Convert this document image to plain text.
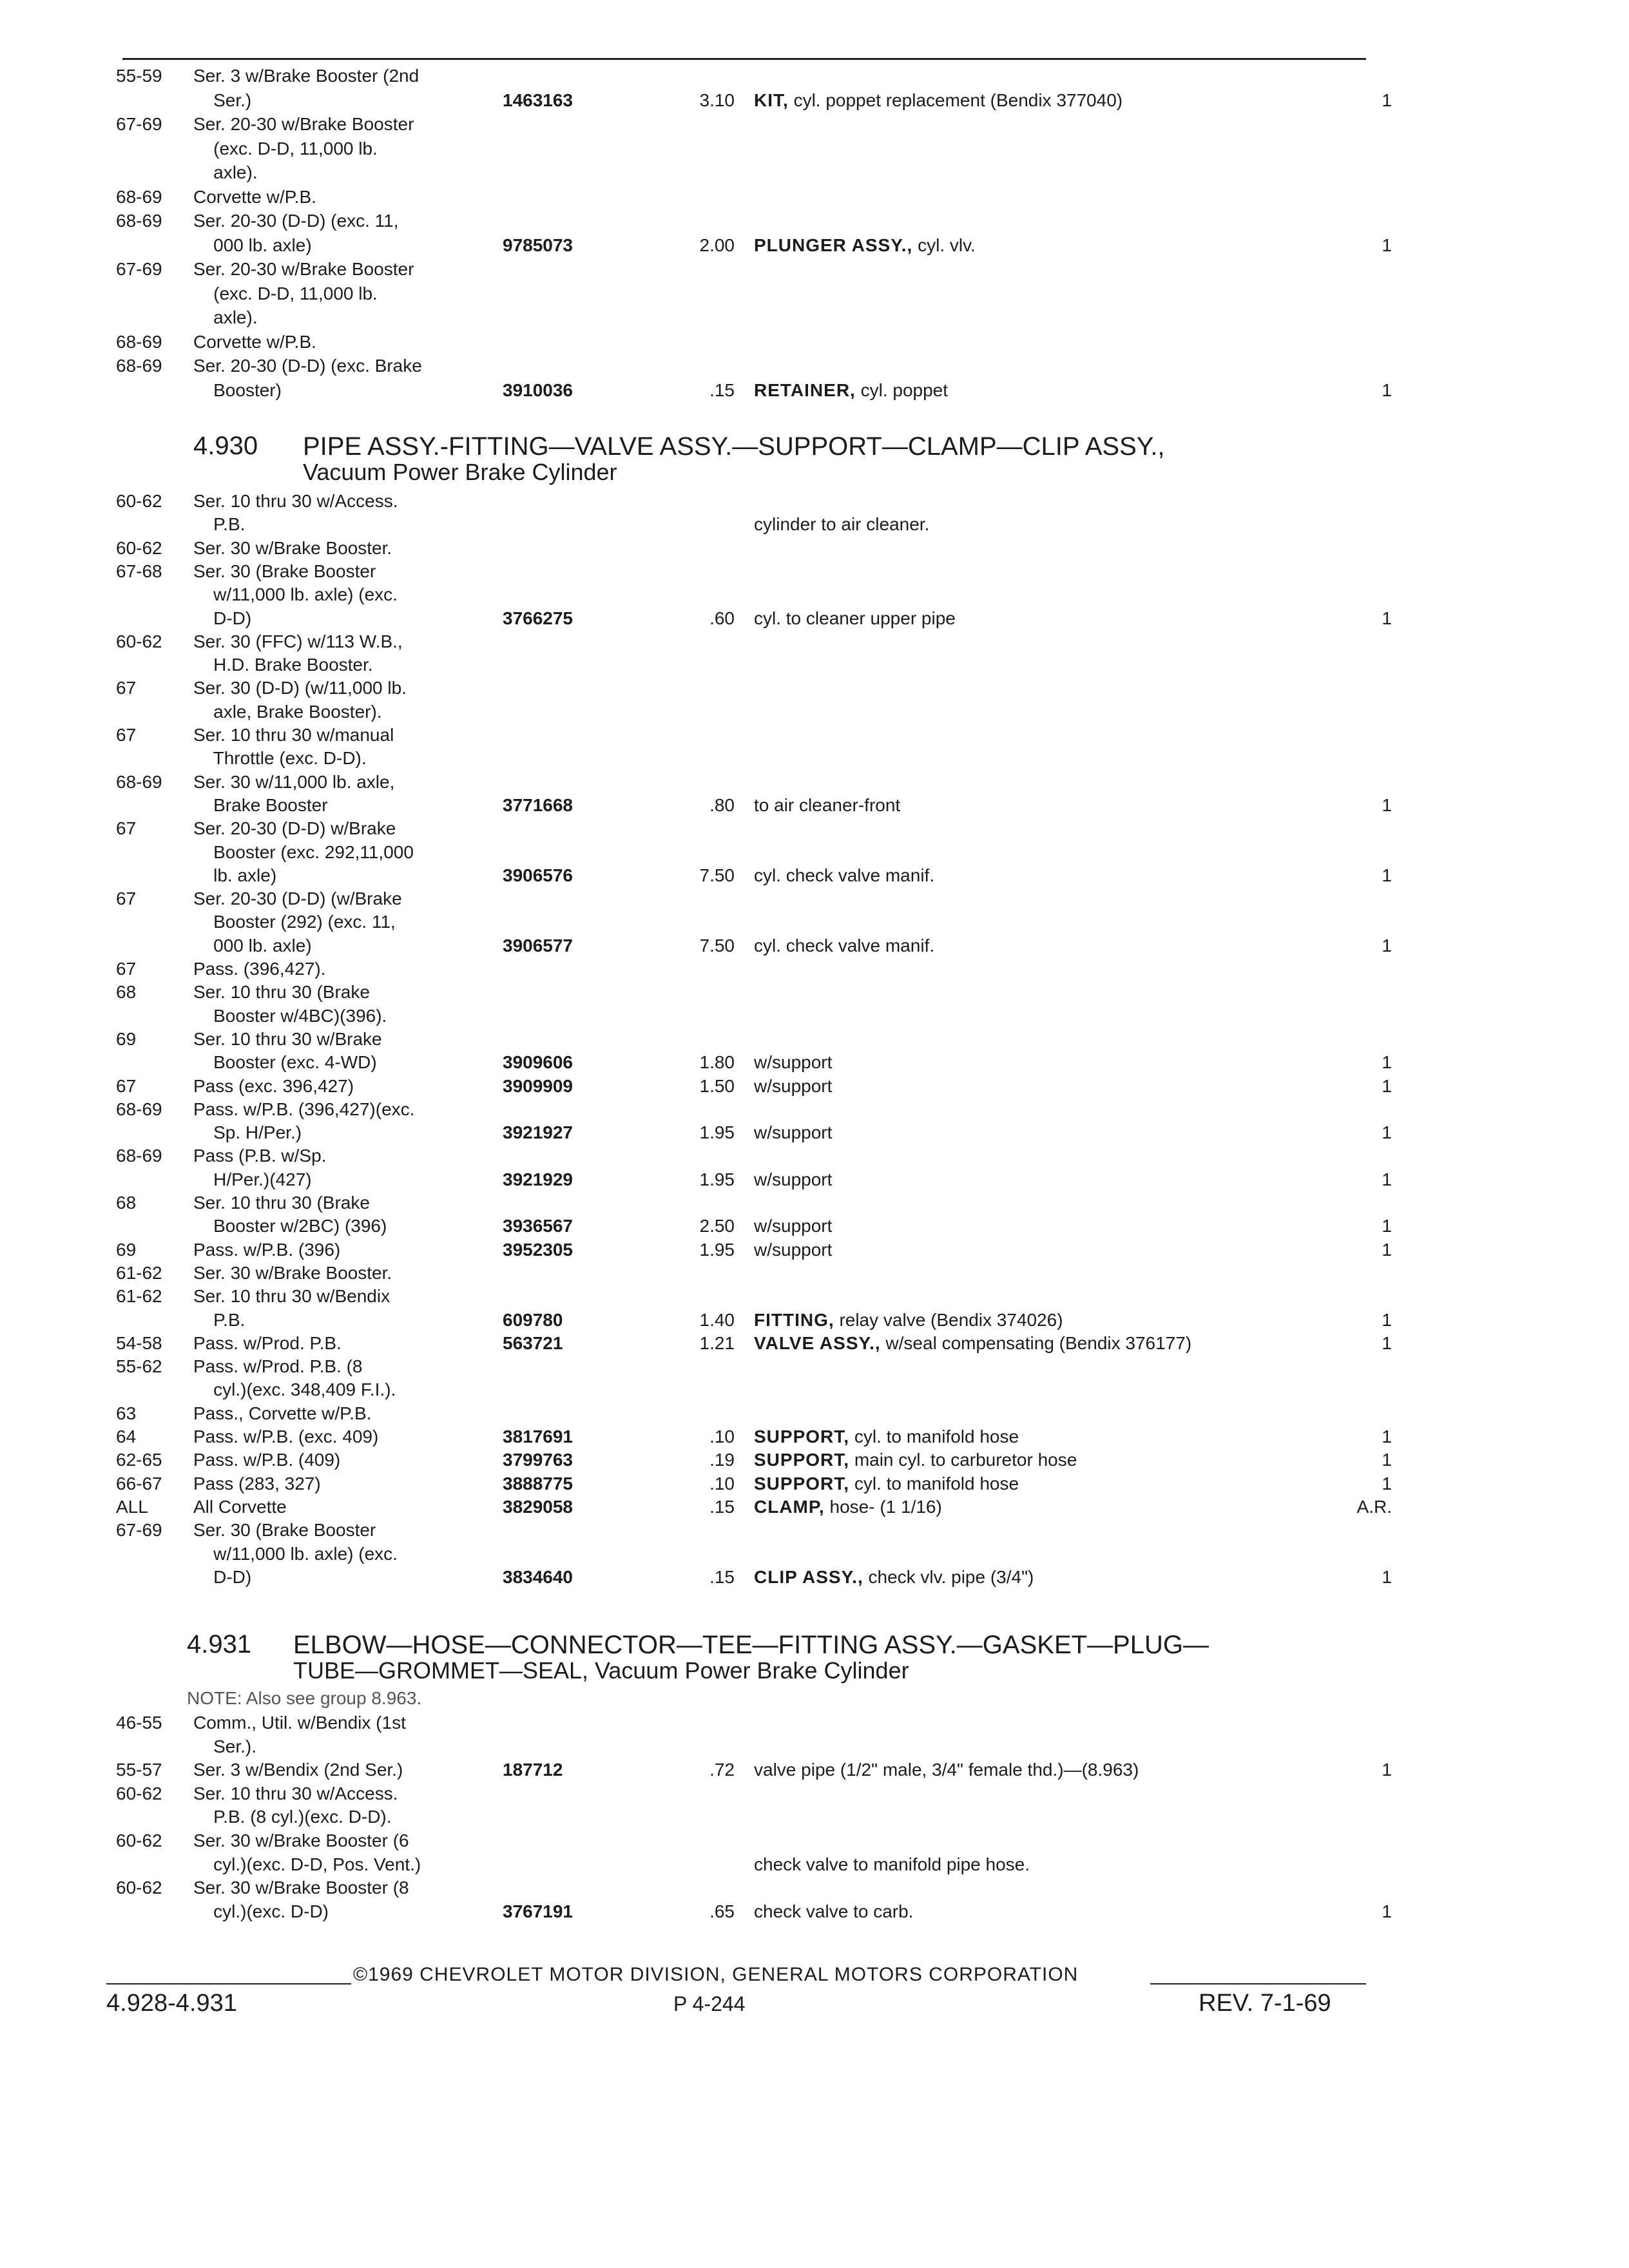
55-59	Ser. 3 w/Brake Booster (2nd
Ser.)	1463163	3.10 KIT, cyl. poppet replacement (Bendix 377040)	1
67-69	Ser. 20-30 w/Brake Booster
(exc. D-D, 11,000 lb.
axle).
68-69	Corvette w/P.B.
68-69	Ser. 20-30 (D-D) (exc. 11,
000 lb. axle)	9785073	2.00 PLUNGER ASSY., cyl. vlv.	1
67-69	Ser. 20-30 w/Brake Booster
(exc. D-D, 11,000 lb.
axle).
68-69	Corvette w/P.B.
68-69	Ser. 20-30 (D-D) (exc. Brake
Booster)	3910036	.15 RETAINER, cyl. poppet	1
4.930 PIPE ASSY.-FITTING—VALVE ASSY.—SUPPORT—CLAMP—CLIP ASSY.,
Vacuum Power Brake Cylinder
60-62	Ser. 10 thru 30 w/Access.
P.B.	cylinder to air cleaner.
60-62	Ser. 30 w/Brake Booster.
67-68	Ser. 30 (Brake Booster
w/11,000 lb. axle) (exc.
D-D)	3766275	.60 cyl. to cleaner upper pipe	1
60-62	Ser. 30 (FFC) w/113 W.B.,
H.D. Brake Booster.
67	Ser. 30 (D-D) (w/11,000 lb.
axle, Brake Booster).
67	Ser. 10 thru 30 w/manual
Throttle (exc. D-D).
68-69	Ser. 30 w/11,000 lb. axle,
Brake Booster	3771668	.80 to air cleaner-front	1
67	Ser. 20-30 (D-D) w/Brake
Booster (exc. 292,11,000
lb. axle)	3906576	7.50 cyl. check valve manif.	1
67	Ser. 20-30 (D-D) (w/Brake
Booster (292) (exc. 11,
000 lb. axle)	3906577	7.50 cyl. check valve manif.	1
67	Pass. (396,427).
68	Ser. 10 thru 30 (Brake
Booster w/4BC)(396).
69	Ser. 10 thru 30 w/Brake
Booster (exc. 4-WD)	3909606	1.80 w/support	1
67	Pass (exc. 396,427)	3909909	1.50 w/support	1
68-69	Pass. w/P.B. (396,427)(exc.
Sp. H/Per.)	3921927	1.95 w/support	1
68-69	Pass (P.B. w/Sp.
H/Per.)(427)	3921929	1.95 w/support	1
68	Ser. 10 thru 30 (Brake
Booster w/2BC) (396)	3936567	2.50 w/support	1
69	Pass. w/P.B. (396)	3952305	1.95 w/support	1
61-62	Ser. 30 w/Brake Booster.
61-62	Ser. 10 thru 30 w/Bendix
P.B.	609780	1.40 FITTING, relay valve (Bendix 374026)	1
54-58	Pass. w/Prod. P.B.	563721	1.21 VALVE ASSY., w/seal compensating (Bendix 376177)	1
55-62	Pass. w/Prod. P.B. (8
cyl.)(exc. 348,409 F.I.).
63	Pass., Corvette w/P.B.
64	Pass. w/P.B. (exc. 409)	3817691	.10 SUPPORT, cyl. to manifold hose	1
62-65	Pass. w/P.B. (409)	3799763	.19 SUPPORT, main cyl. to carburetor hose	1
66-67	Pass (283, 327)	3888775	.10 SUPPORT, cyl. to manifold hose	1
ALL	All Corvette	3829058	.15 CLAMP, hose- (1 1/16)	A.R.
67-69	Ser. 30 (Brake Booster
w/11,000 lb. axle) (exc.
D-D)	3834640	.15 CLIP ASSY., check vlv. pipe (3/4")	1
4.931 ELBOW—HOSE—CONNECTOR—TEE—FITTING ASSY.—GASKET—PLUG—
TUBE—GROMMET—SEAL, Vacuum Power Brake Cylinder
NOTE: Also see group 8.963.
46-55	Comm., Util. w/Bendix (1st
Ser.).
55-57	Ser. 3 w/Bendix (2nd Ser.)	187712	.72 valve pipe (1/2" male, 3/4" female thd.)—(8.963)	1
60-62	Ser. 10 thru 30 w/Access.
P.B. (8 cyl.)(exc. D-D).
60-62	Ser. 30 w/Brake Booster (6
cyl.)(exc. D-D, Pos. Vent.)	check valve to manifold pipe hose.
60-62	Ser. 30 w/Brake Booster (8
cyl.)(exc. D-D)	3767191	.65 check valve to carb.	1
©1969 CHEVROLET MOTOR DIVISION, GENERAL MOTORS CORPORATION
4.928-4.931	P 4-244	REV. 7-1-69
